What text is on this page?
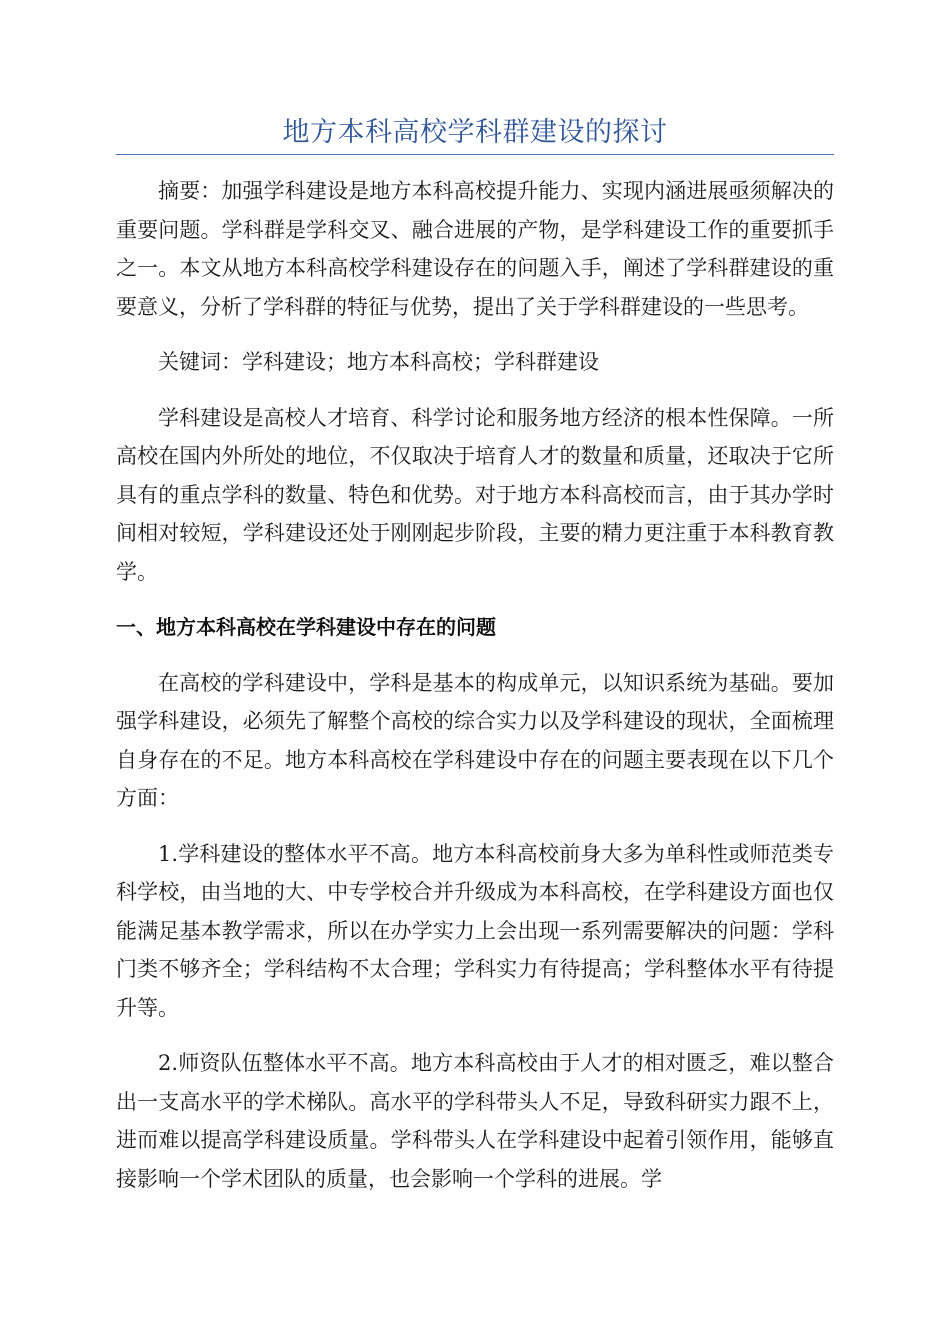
地方本科高校学科群建设的探讨

摘要：加强学科建设是地方本科高校提升能力、实现内涵进展亟须解决的重要问题。学科群是学科交叉、融合进展的产物，是学科建设工作的重要抓手之一。本文从地方本科高校学科建设存在的问题入手，阐述了学科群建设的重要意义，分析了学科群的特征与优势，提出了关于学科群建设的一些思考。

关键词：学科建设；地方本科高校；学科群建设

学科建设是高校人才培育、科学讨论和服务地方经济的根本性保障。一所高校在国内外所处的地位，不仅取决于培育人才的数量和质量，还取决于它所具有的重点学科的数量、特色和优势。对于地方本科高校而言，由于其办学时间相对较短，学科建设还处于刚刚起步阶段，主要的精力更注重于本科教育教学。

一、地方本科高校在学科建设中存在的问题

在高校的学科建设中，学科是基本的构成单元，以知识系统为基础。要加强学科建设，必须先了解整个高校的综合实力以及学科建设的现状，全面梳理自身存在的不足。地方本科高校在学科建设中存在的问题主要表现在以下几个方面：

1.学科建设的整体水平不高。地方本科高校前身大多为单科性或师范类专科学校，由当地的大、中专学校合并升级成为本科高校，在学科建设方面也仅能满足基本教学需求，所以在办学实力上会出现一系列需要解决的问题：学科门类不够齐全；学科结构不太合理；学科实力有待提高；学科整体水平有待提升等。

2.师资队伍整体水平不高。地方本科高校由于人才的相对匮乏，难以整合出一支高水平的学术梯队。高水平的学科带头人不足，导致科研实力跟不上，进而难以提高学科建设质量。学科带头人在学科建设中起着引领作用，能够直接影响一个学术团队的质量，也会影响一个学科的进展。学
